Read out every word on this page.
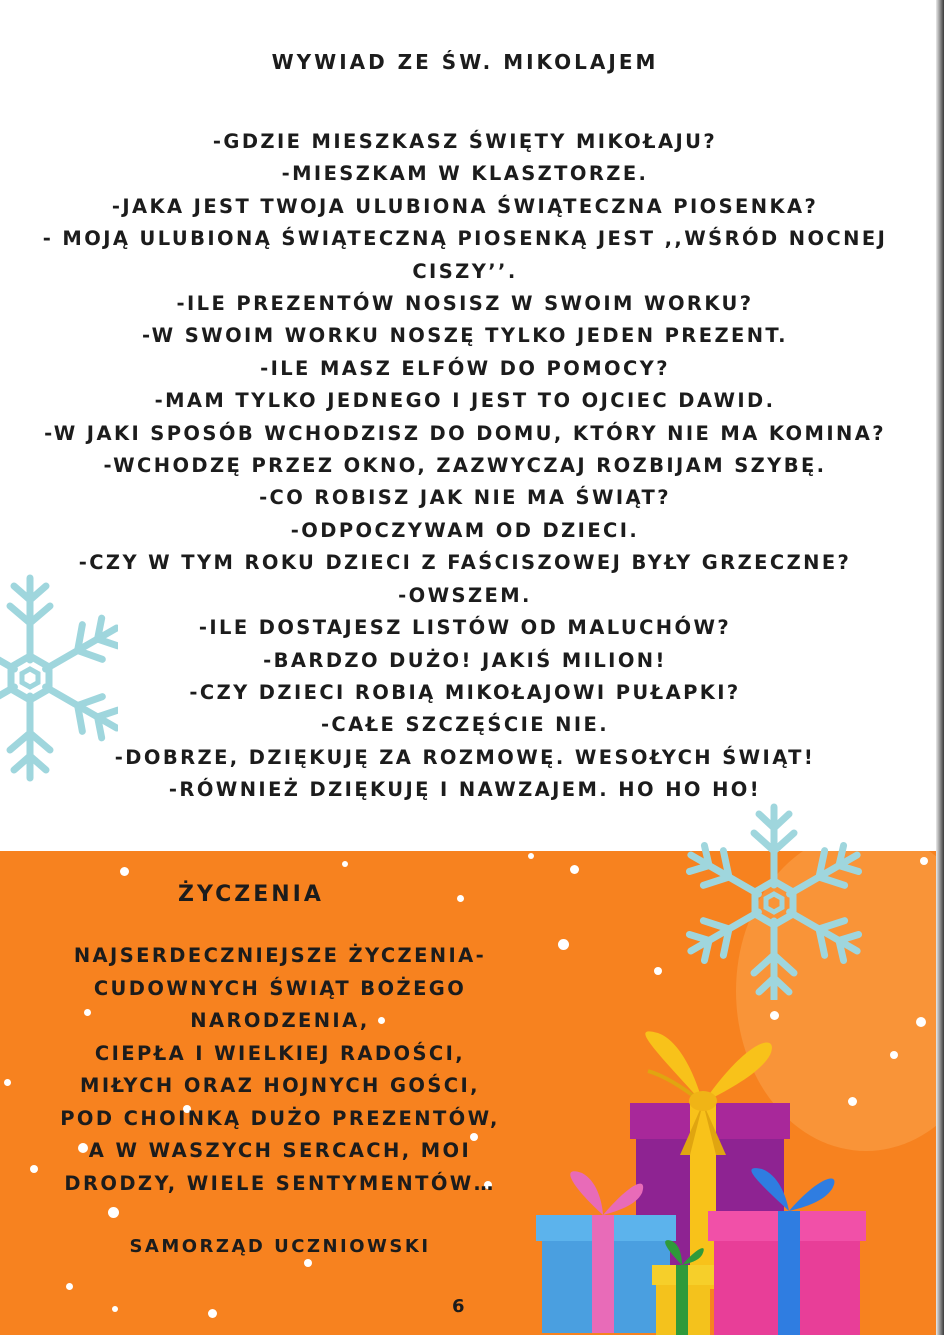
WYWIAD ZE ŚW. MIKOLAJEM
-GDZIE MIESZKASZ ŚWIĘTY MIKOŁAJU?
-MIESZKAM W KLASZTORZE.
-JAKA JEST TWOJA ULUBIONA ŚWIĄTECZNA PIOSENKA?
- MOJĄ ULUBIONĄ ŚWIĄTECZNĄ PIOSENKĄ JEST ,,WŚRÓD NOCNEJ CISZY’’.
-ILE PREZENTÓW NOSISZ W SWOIM WORKU?
-W SWOIM WORKU NOSZĘ TYLKO JEDEN PREZENT.
-ILE MASZ ELFÓW DO POMOCY?
-MAM TYLKO JEDNEGO I JEST TO OJCIEC DAWID.
-W JAKI SPOSÓB WCHODZISZ DO DOMU, KTÓRY NIE MA KOMINA?
-WCHODZĘ PRZEZ OKNO, ZAZWYCZAJ ROZBIJAM SZYBĘ.
-CO ROBISZ JAK NIE MA ŚWIĄT?
-ODPOCZYWAM OD DZIECI.
-CZY W TYM ROKU DZIECI Z FAŚCISZOWEJ BYŁY GRZECZNE?
-OWSZEM.
-ILE DOSTAJESZ LISTÓW OD MALUCHÓW?
-BARDZO DUŻO! JAKIŚ MILION!
-CZY DZIECI ROBIĄ MIKOŁAJOWI PUŁAPKI?
-CAŁE SZCZĘŚCIE NIE.
-DOBRZE, DZIĘKUJĘ ZA ROZMOWĘ. WESOŁYCH ŚWIĄT!
-RÓWNIEŻ DZIĘKUJĘ I NAWZAJEM. HO HO HO!
ŻYCZENIA
NAJSERDECZNIEJSZE ŻYCZENIA-
CUDOWNYCH ŚWIĄT BOŻEGO
NARODZENIA,
CIEPŁA I WIELKIEJ RADOŚCI,
MIŁYCH ORAZ HOJNYCH GOŚCI,
POD CHOINKĄ DUŻO PREZENTÓW,
A W WASZYCH SERCACH, MOI
DRODZY, WIELE SENTYMENTÓW…
SAMORZĄD UCZNIOWSKI
6
